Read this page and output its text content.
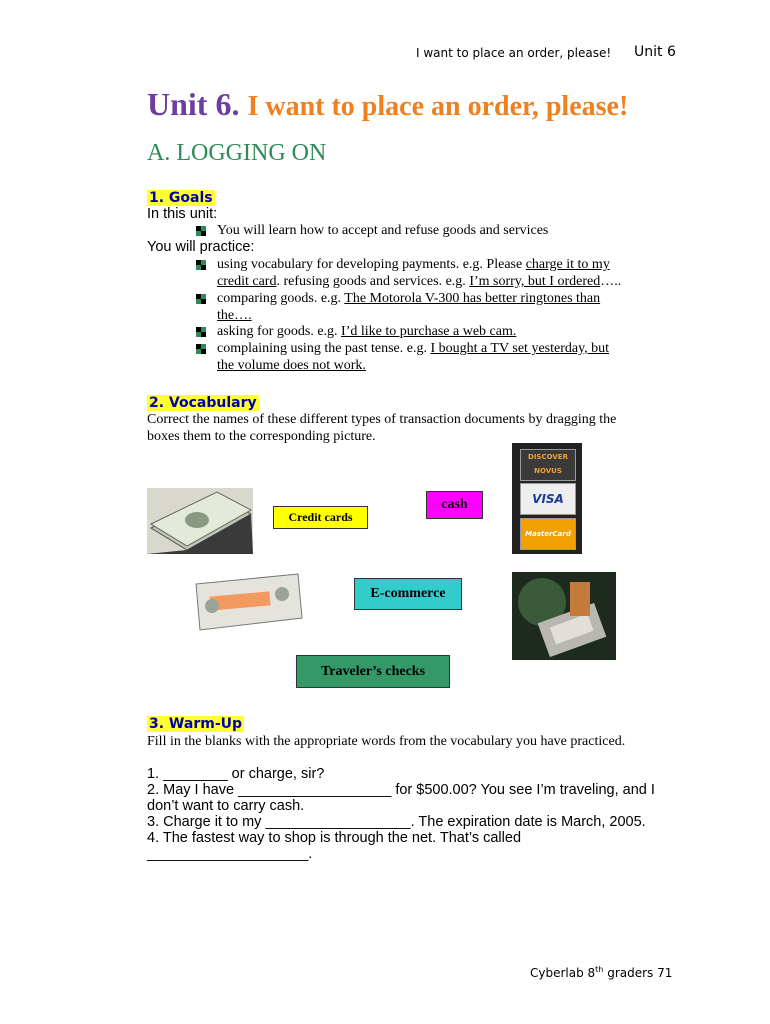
I want to place an order, please! Unit 6
Unit 6. I want to place an order, please!
A. LOGGING ON
1. Goals
In this unit:
You will learn how to accept and refuse goods and services
You will practice:
using vocabulary for developing payments. e.g. Please charge it to my
credit card. refusing goods and services. e.g. I’m sorry, but I ordered…..
comparing goods. e.g. The Motorola V-300 has better ringtones than
the….
asking for goods. e.g. I’d like to purchase a web cam.
complaining using the past tense. e.g. I bought a TV set yesterday, but
the volume does not work.
2. Vocabulary
Correct the names of these different types of transaction documents by dragging the
boxes them to the corresponding picture.
DISCOVER NOVUS
VISA
MasterCard
Credit cards
cash
E-commerce
Traveler’s checks
3. Warm-Up
Fill in the blanks with the appropriate words from the vocabulary you have practiced.
1. ________ or charge, sir?
2. May I have ___________________ for $500.00? You see I’m traveling, and I
don’t want to carry cash.
3. Charge it to my __________________. The expiration date is March, 2005.
4. The fastest way to shop is through the net. That’s called
____________________.
Cyberlab 8th graders 71
